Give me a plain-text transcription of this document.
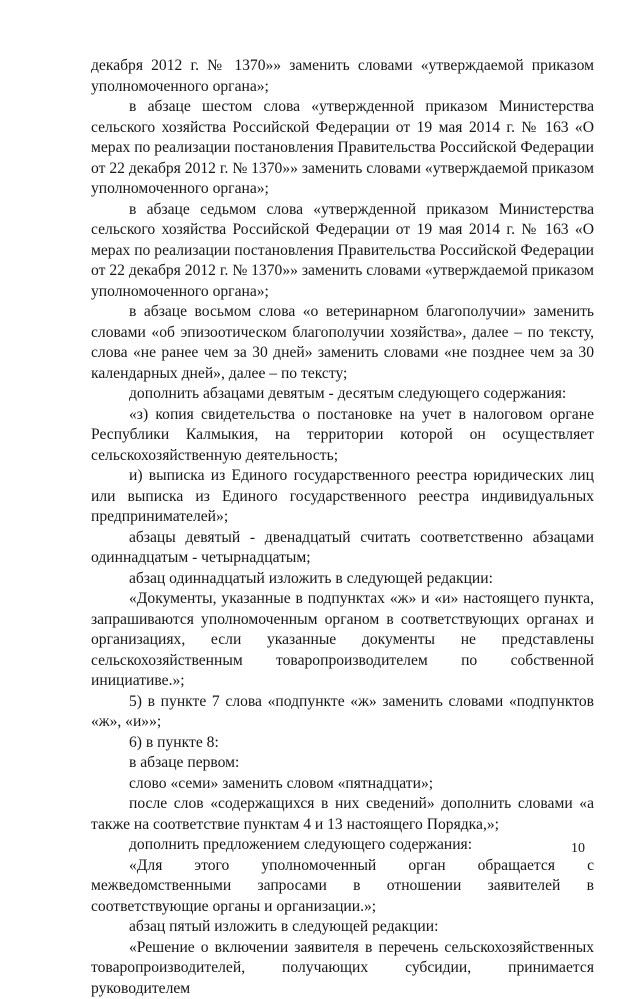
декабря 2012 г. № 1370»» заменить словами «утверждаемой приказом уполномоченного органа»;

в абзаце шестом слова «утвержденной приказом Министерства сельского хозяйства Российской Федерации от 19 мая 2014 г. № 163 «О мерах по реализации постановления Правительства Российской Федерации от 22 декабря 2012 г. № 1370»» заменить словами «утверждаемой приказом уполномоченного органа»;

в абзаце седьмом слова «утвержденной приказом Министерства сельского хозяйства Российской Федерации от 19 мая 2014 г. № 163 «О мерах по реализации постановления Правительства Российской Федерации от 22 декабря 2012 г. № 1370»» заменить словами «утверждаемой приказом уполномоченного органа»;

в абзаце восьмом слова «о ветеринарном благополучии» заменить словами «об эпизоотическом благополучии хозяйства», далее – по тексту, слова «не ранее чем за 30 дней» заменить словами «не позднее чем за 30 календарных дней», далее – по тексту;

дополнить абзацами девятым - десятым следующего содержания:

«з) копия свидетельства о постановке на учет в налоговом органе Республики Калмыкия, на территории которой он осуществляет сельскохозяйственную деятельность;

и) выписка из Единого государственного реестра юридических лиц или выписка из Единого государственного реестра индивидуальных предпринимателей»;

абзацы девятый - двенадцатый считать соответственно абзацами одиннадцатым - четырнадцатым;

абзац одиннадцатый изложить в следующей редакции:

«Документы, указанные в подпунктах «ж» и «и» настоящего пункта, запрашиваются уполномоченным органом в соответствующих органах и организациях, если указанные документы не представлены сельскохозяйственным товаропроизводителем по собственной инициативе.»;

5) в пункте 7 слова «подпункте «ж» заменить словами «подпунктов «ж», «и»»;

6) в пункте 8:

в абзаце первом:

слово «семи» заменить словом «пятнадцати»;

после слов «содержащихся в них сведений» дополнить словами «а также на соответствие пунктам 4 и 13 настоящего Порядка,»;

дополнить предложением следующего содержания:

«Для этого уполномоченный орган обращается с межведомственными запросами в отношении заявителей в соответствующие органы и организации.»;

абзац пятый изложить в следующей редакции:

«Решение о включении заявителя в перечень сельскохозяйственных товаропроизводителей, получающих субсидии, принимается руководителем

10
